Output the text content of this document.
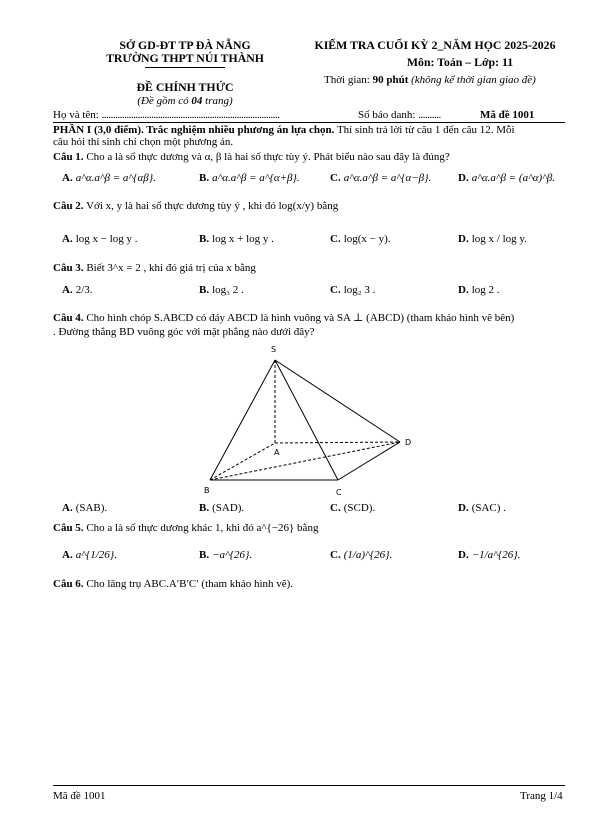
SỞ GD-ĐT TP ĐÀ NẴNG
TRƯỜNG THPT NÚI THÀNH
KIỂM TRA CUỐI KỲ 2_NĂM HỌC 2025-2026
Môn: Toán – Lớp: 11
ĐỀ CHÍNH THỨC
(Đề gồm có 04 trang)
Thời gian: 90 phút (không kể thời gian giao đề)
Họ và tên: ...............................................................................	Số báo danh: ..........	Mã đề 1001
PHẦN I (3,0 điểm). Trắc nghiệm nhiều phương án lựa chọn. Thí sinh trả lời từ câu 1 đến câu 12. Mỗi
câu hỏi thí sinh chỉ chọn một phương án.
Câu 1. Cho a là số thực dương và α, β là hai số thực tùy ý. Phát biểu nào sau đây là đúng?
A. a^α.a^β = a^{αβ}.	B. a^α.a^β = a^{α+β}.	C. a^α.a^β = a^{α−β}. D. a^α.a^β = (a^α)^β.
Câu 2. Với x, y là hai số thực dương tùy ý , khi đó log(x/y) bằng
A. log x − log y .	B. log x + log y .	C. log(x − y).	D. log x / log y.
Câu 3. Biết 3^x = 2 , khi đó giá trị của x bằng
A. 2/3.	B. log₃ 2 .	C. log₂ 3 .	D. log 2 .
Câu 4. Cho hình chóp S.ABCD có đáy ABCD là hình vuông và SA ⊥ (ABCD) (tham khảo hình vẽ bên)
. Đường thẳng BD vuông góc với mặt phẳng nào dưới đây?
S
A
B	C
D
A. (SAB).	B. (SAD).	C. (SCD).	D. (SAC) .
Câu 5. Cho a là số thực dương khác 1, khi đó a^{−26} bằng
A. a^{1/26}.	B. −a^{26}.	C. (1/a)^{26}.	D. −1/a^{26}.
Câu 6. Cho lăng trụ ABC.A′B′C′ (tham khảo hình vẽ).
Mã đề 1001	Trang 1/4
